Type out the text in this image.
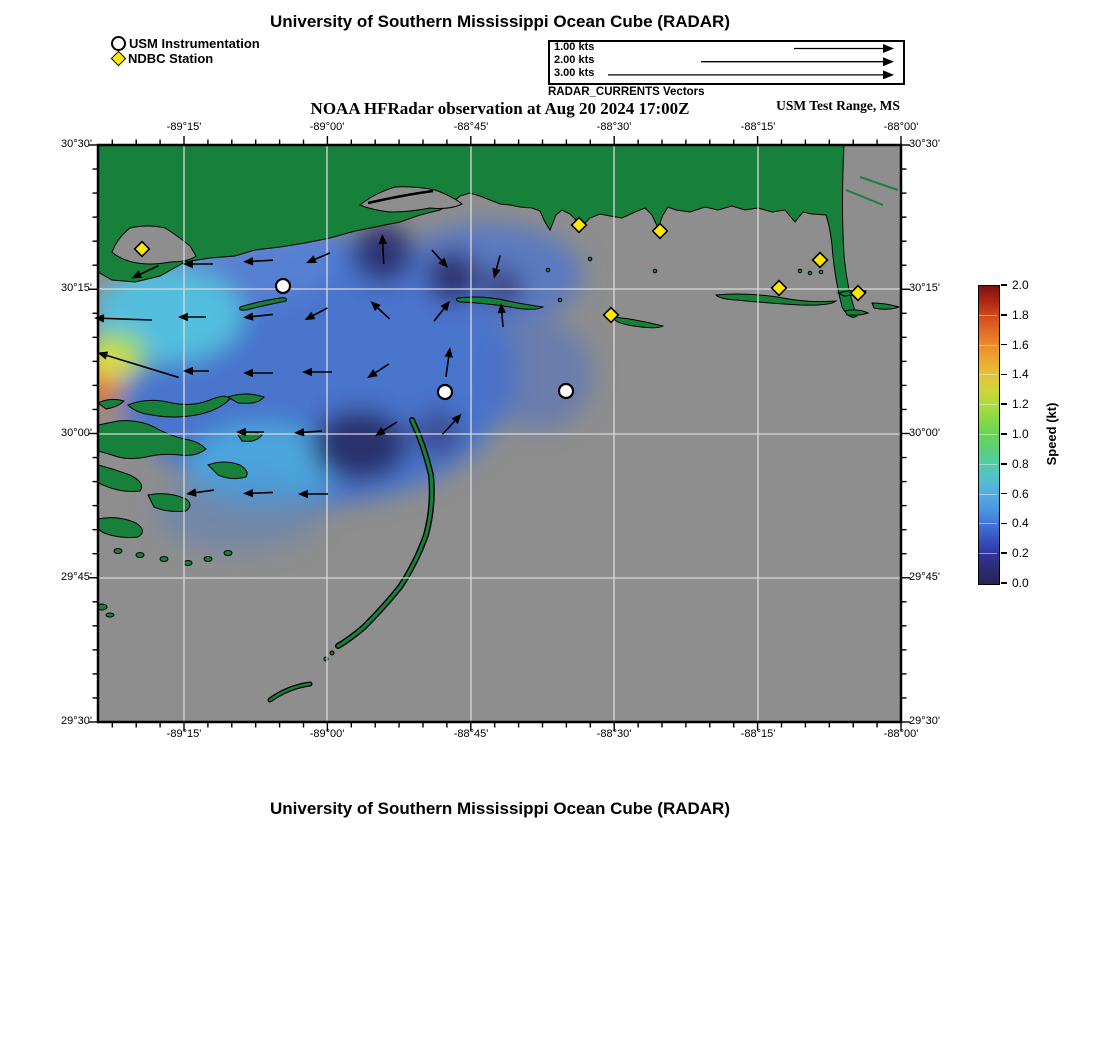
University of Southern Mississippi Ocean Cube (RADAR)
USM Instrumentation
NDBC Station
1.00 kts
2.00 kts
3.00 kts
RADAR_CURRENTS Vectors
NOAA HFRadar observation at Aug 20 2024 17:00Z	USM Test Range, MS
-89°15'
-89°15'
-89°00'
-89°00'
-88°45'
-88°45'
-88°30'
-88°30'
-88°15'
-88°15'
-88°00'
-88°00'
30°30'	30°30'
30°15'	30°15'
30°00'	30°00'
29°45'	29°45'
29°30'	29°30'
2.0
1.8
1.6
1.4
1.2
1.0
0.8
0.6
0.4
0.2
0.0
Speed (kt)
University of Southern Mississippi Ocean Cube (RADAR)
